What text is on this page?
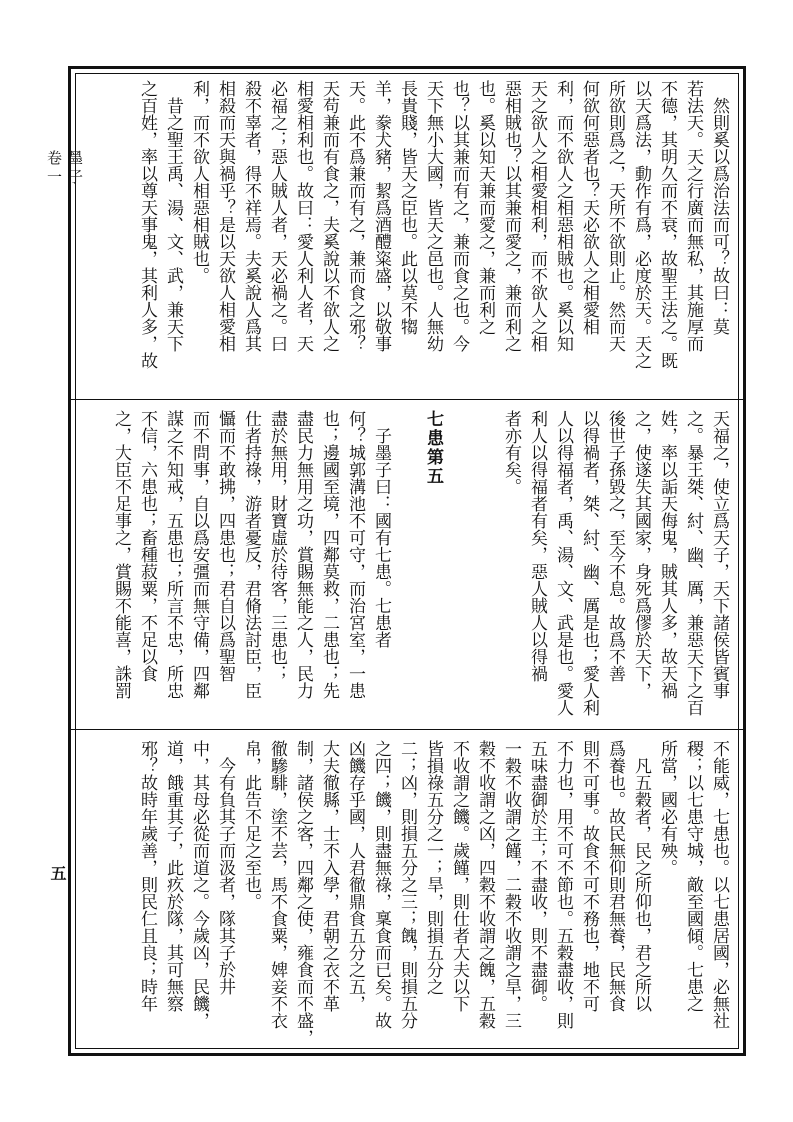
墨子
卷一
五
　然則奚以爲治法而可？故曰：莫
若法天。天之行廣而無私，其施厚而
不德，其明久而不衰，故聖王法之。既
以天爲法，動作有爲，必度於天。天之
所欲則爲之，天所不欲則止。然而天
何欲何惡者也？天必欲人之相愛相
利，而不欲人之相惡相賊也。奚以知
天之欲人之相愛相利，而不欲人之相
惡相賊也？以其兼而愛之，兼而利之
也。奚以知天兼而愛之，兼而利之
也？以其兼而有之，兼而食之也。今
天下無小大國，皆天之邑也。人無幼
長貴賤，皆天之臣也。此以莫不犓
羊，豢犬豬，絜爲酒醴粢盛，以敬事
天。此不爲兼而有之，兼而食之邪？
天苟兼而有食之，夫奚說以不欲人之
相愛相利也。故曰：愛人利人者，天
必福之；惡人賊人者，天必禍之。曰
殺不辜者，得不祥焉。夫奚說人爲其
相殺而天與禍乎？是以天欲人相愛相
利，而不欲人相惡相賊也。
　昔之聖王禹、湯、文、武，兼天下
之百姓，率以尊天事鬼，其利人多，故
天福之，使立爲天子，天下諸侯皆賓事
之。暴王桀、紂、幽、厲，兼惡天下之百
姓，率以詬天侮鬼，賊其人多，故天禍
之，使遂失其國家，身死爲僇於天下，
後世子孫毀之，至今不息。故爲不善
以得禍者，桀、紂、幽、厲是也；愛人利
人以得福者，禹、湯、文、武是也。愛人
利人以得福者有矣，惡人賊人以得禍
者亦有矣。
七患第五
　子墨子曰：國有七患。七患者
何？城郭溝池不可守，而治宮室，一患
也；邊國至境，四鄰莫救，二患也；先
盡民力無用之功，賞賜無能之人，民力
盡於無用，財寶虛於待客，三患也；
仕者持祿，游者憂反，君脩法討臣，臣
懾而不敢拂，四患也；君自以爲聖智
而不問事，自以爲安彊而無守備，四鄰
謀之不知戒，五患也；所言不忠，所忠
不信，六患也；畜種菽粟，不足以食
之，大臣不足事之，賞賜不能喜，誅罰
不能威，七患也。以七患居國，必無社
稷；以七患守城，敵至國傾。七患之
所當，國必有殃。
　凡五穀者，民之所仰也，君之所以
爲養也。故民無仰則君無養，民無食
則不可事。故食不可不務也，地不可
不力也，用不可不節也。五穀盡收，則
五味盡御於主；不盡收，則不盡御。
一穀不收謂之饉，二穀不收謂之旱，三
穀不收謂之凶，四穀不收謂之餽，五穀
不收謂之饑。歲饉，則仕者大夫以下
皆損祿五分之一；旱，則損五分之
二；凶，則損五分之三；餽，則損五分
之四；饑，則盡無祿，稟食而已矣。故
凶饑存乎國，人君徹鼎食五分之五，
大夫徹縣，士不入學，君朝之衣不革
制，諸侯之客，四鄰之使，雍食而不盛，
徹驂騑，塗不芸，馬不食粟，婢妾不衣
帛，此告不足之至也。
　今有負其子而汲者，隊其子於井
中，其母必從而道之。今歲凶，民饑，
道，餓重其子，此疚於隊，其可無察
邪？故時年歲善，則民仁且良；時年
